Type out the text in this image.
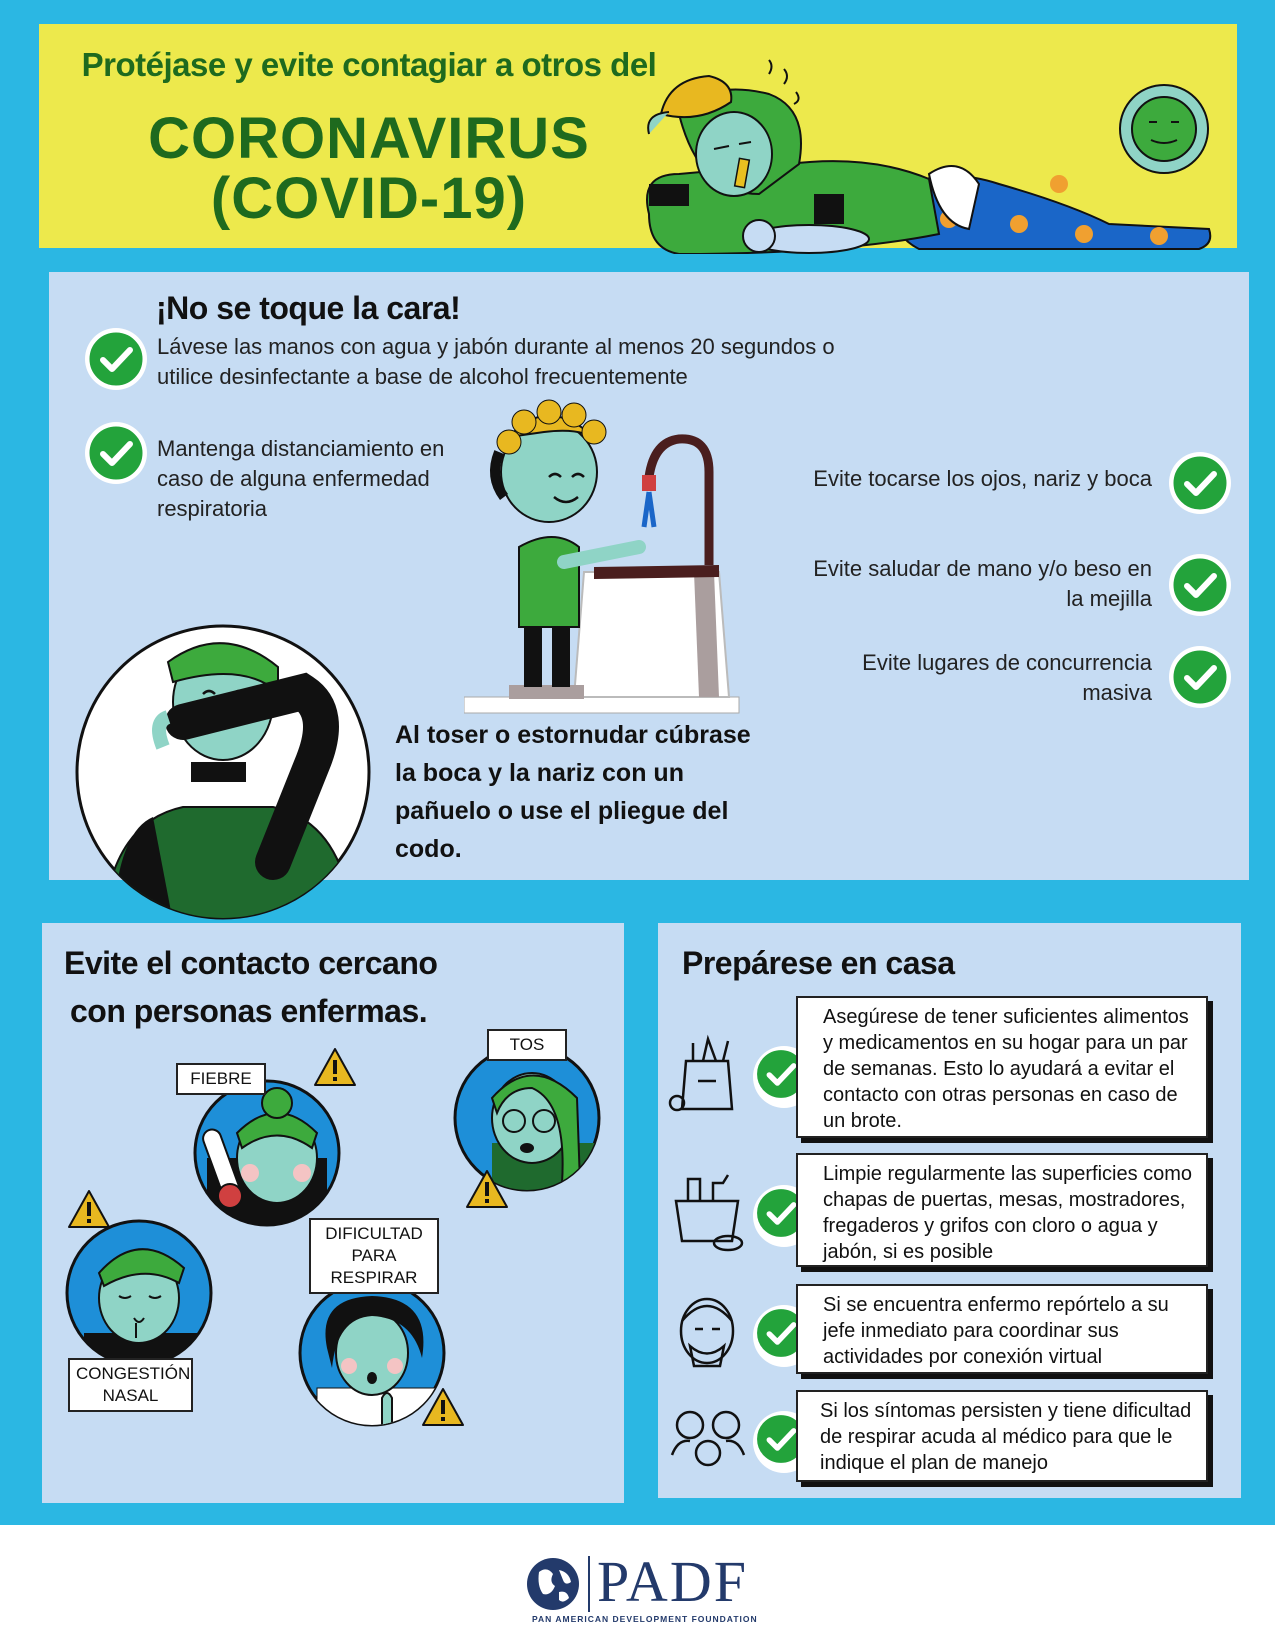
Protéjase y evite contagiar a otros del
CORONAVIRUS
(COVID-19)
¡No se toque la cara!
Lávese las manos con agua y jabón durante al menos 20 segundos o utilice desinfectante a base de alcohol frecuentemente
Mantenga distanciamiento en caso de alguna enfermedad respiratoria
Evite tocarse los ojos, nariz y boca
Evite saludar de mano y/o beso en
la mejilla
Evite lugares de concurrencia
masiva
Al toser o estornudar cúbrase la boca y la nariz con un pañuelo o use el pliegue del codo.
Evite el contacto cercano
con personas enfermas.
FIEBRE
TOS
CONGESTIÓN
NASAL
DIFICULTAD
PARA RESPIRAR
Prepárese en casa
Asegúrese de tener suficientes alimentos y medicamentos en su hogar para un par de semanas. Esto lo ayudará a evitar el contacto con otras personas en caso de un brote.
Limpie regularmente las superficies como chapas de puertas, mesas, mostradores, fregaderos y grifos con cloro o agua y jabón, si es posible
Si se encuentra enfermo repórtelo a su jefe inmediato para coordinar sus actividades por conexión virtual
Si los síntomas persisten y tiene dificultad de respirar acuda al médico para que le indique el plan de manejo
PADF
PAN AMERICAN DEVELOPMENT FOUNDATION
